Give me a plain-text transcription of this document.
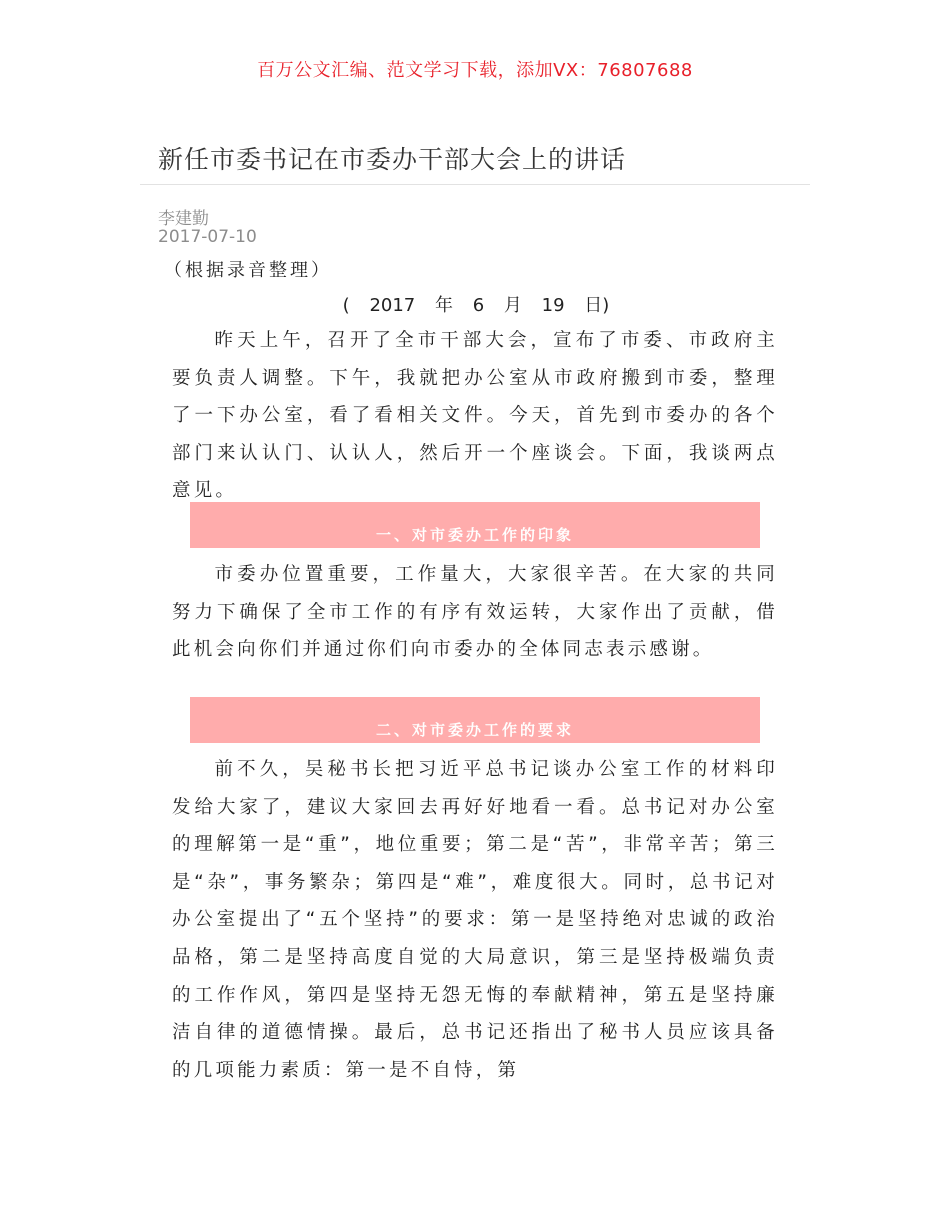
百万公文汇编、范文学习下载，添加VX：76807688
新任市委书记在市委办干部大会上的讲话
李建勤
2017-07-10
（根据录音整理）
( 2017 年 6 月 19 日)

昨天上午，召开了全市干部大会，宣布了市委、市政府主要负责人调整。下午，我就把办公室从市政府搬到市委，整理了一下办公室，看了看相关文件。今天，首先到市委办的各个部门来认认门、认认人，然后开一个座谈会。下面，我谈两点意见。

一、对市委办工作的印象

市委办位置重要，工作量大，大家很辛苦。在大家的共同努力下确保了全市工作的有序有效运转，大家作出了贡献，借此机会向你们并通过你们向市委办的全体同志表示感谢。

二、对市委办工作的要求

前不久，吴秘书长把习近平总书记谈办公室工作的材料印发给大家了，建议大家回去再好好地看一看。总书记对办公室的理解第一是“重”，地位重要；第二是“苦”，非常辛苦；第三是“杂”，事务繁杂；第四是“难”，难度很大。同时，总书记对办公室提出了“五个坚持”的要求：第一是坚持绝对忠诚的政治品格，第二是坚持高度自觉的大局意识，第三是坚持极端负责的工作作风，第四是坚持无怨无悔的奉献精神，第五是坚持廉洁自律的道德情操。最后，总书记还指出了秘书人员应该具备的几项能力素质：第一是不自恃，第
